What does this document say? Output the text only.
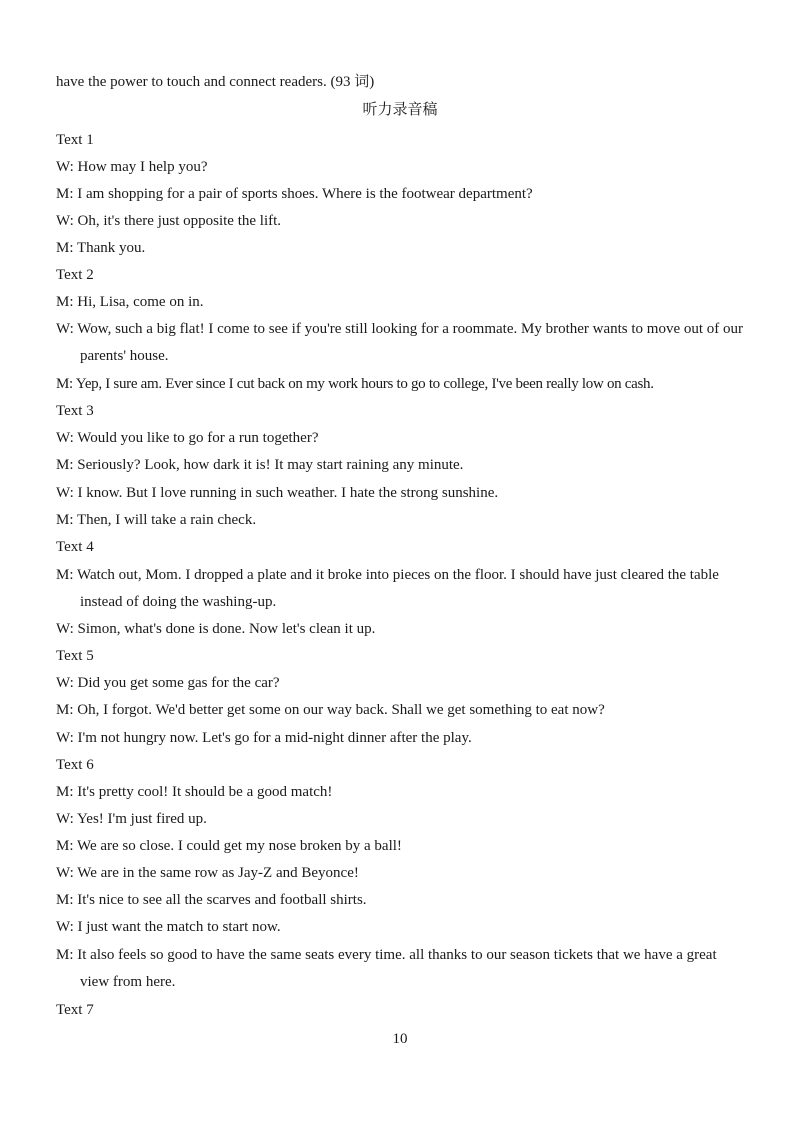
have the power to touch and connect readers. (93 词)
听力录音稿
Text 1
W: How may I help you?
M: I am shopping for a pair of sports shoes. Where is the footwear department?
W: Oh, it's there just opposite the lift.
M: Thank you.
Text 2
M: Hi, Lisa, come on in.
W: Wow, such a big flat! I come to see if you're still looking for a roommate. My brother wants to move out of our parents' house.
M: Yep, I sure am. Ever since I cut back on my work hours to go to college, I've been really low on cash.
Text 3
W: Would you like to go for a run together?
M: Seriously? Look, how dark it is! It may start raining any minute.
W: I know. But I love running in such weather. I hate the strong sunshine.
M: Then, I will take a rain check.
Text 4
M: Watch out, Mom. I dropped a plate and it broke into pieces on the floor. I should have just cleared the table instead of doing the washing-up.
W: Simon, what's done is done. Now let's clean it up.
Text 5
W: Did you get some gas for the car?
M: Oh, I forgot. We'd better get some on our way back. Shall we get something to eat now?
W: I'm not hungry now. Let's go for a mid-night dinner after the play.
Text 6
M: It's pretty cool! It should be a good match!
W: Yes! I'm just fired up.
M: We are so close. I could get my nose broken by a ball!
W: We are in the same row as Jay-Z and Beyonce!
M: It's nice to see all the scarves and football shirts.
W: I just want the match to start now.
M: It also feels so good to have the same seats every time. all thanks to our season tickets that we have a great view from here.
Text 7
10
